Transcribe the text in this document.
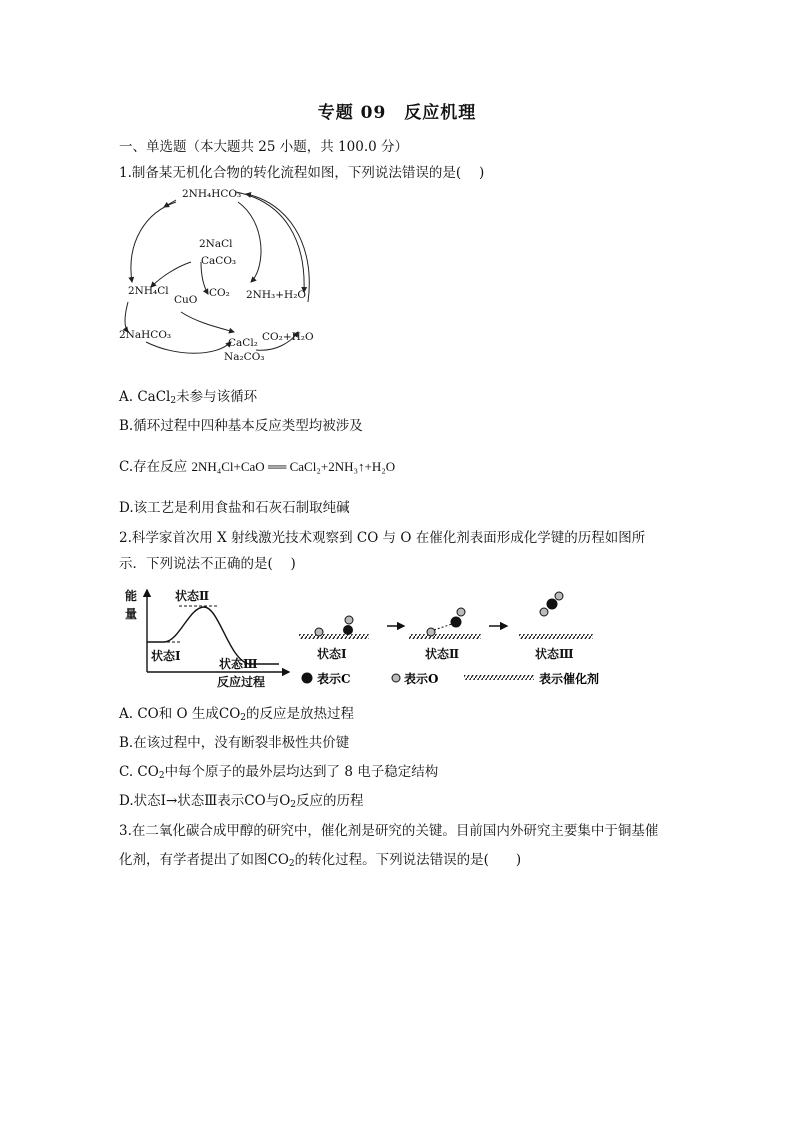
专题 09　反应机理
一、单选题（本大题共 25 小题，共 100.0 分）
1.制备某无机化合物的转化流程如图，下列说法错误的是(　 )
2NH₄HCO₃
2NaCl
CaCO₃
2NH₄Cl
CuO
CO₂ 2NH₃+H₂O
2NaHCO₃
CaCl₂
Na₂CO₃
CO₂+H₂O
A. CaCl$_2$未参与该循环
B.循环过程中四种基本反应类型均被涉及
C.存在反应 2NH₄Cl+CaO ══ CaCl₂+2NH₃↑+H₂O
D.该工艺是利用食盐和石灰石制取纯碱
2.科学家首次用 X 射线激光技术观察到 CO 与 O 在催化剂表面形成化学键的历程如图所
示．下列说法不正确的是(　 )
能
量
状态Ⅱ
状态Ⅰ
状态Ⅲ
反应过程
状态Ⅰ	状态Ⅱ	状态Ⅲ
表示C	表示O	表示催化剂
A. CO和 O 生成$CO_2$的反应是放热过程
B.在该过程中，没有断裂非极性共价键
C. $CO_2$中每个原子的最外层均达到了 8 电子稳定结构
D.状态Ⅰ→状态Ⅲ表示CO与$O_2$反应的历程
3.在二氧化碳合成甲醇的研究中，催化剂是研究的关键。目前国内外研究主要集中于铜基催
化剂，有学者提出了如图$CO_2$的转化过程。下列说法错误的是(　　)
